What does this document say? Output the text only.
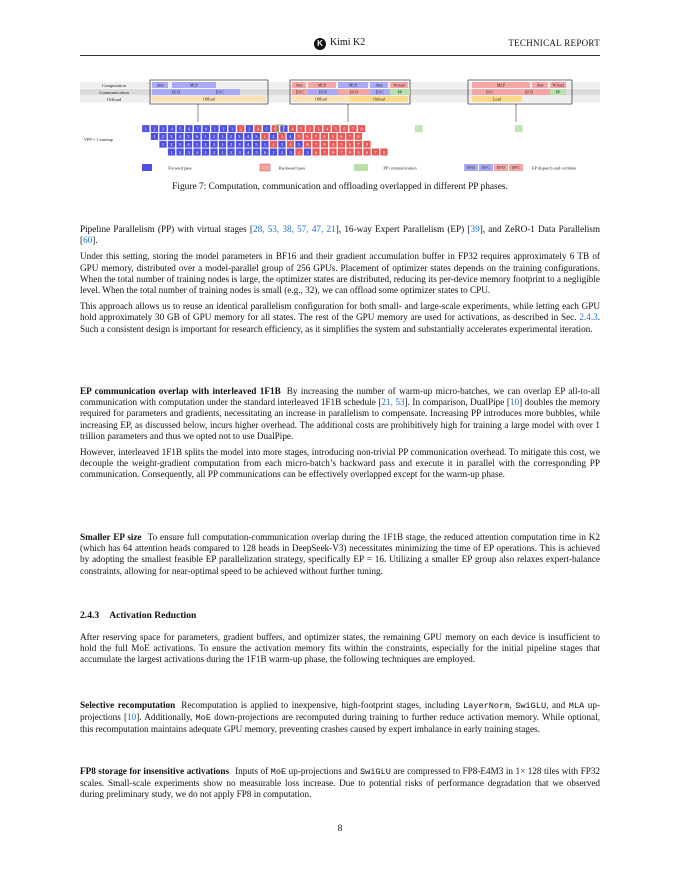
K Kimi K2	TECHNICAL REPORT
Computation
Communication
Offload
Attn	MLP
EP D	EP C
Offload
Attn	MLP	MLP	Attn	W.load
EP C	EP D	EP D	EP C	PP
Offload	Onload
MLP	Attn W.load
EP C	EP D	PP
Load
VPP = 1 warmup
1 2 3 4 5 6 7 8 1 2 1 2 3 4 5 6 7 4 5 2 3 4 5 6 7 8
1 2 3 4 5 6 1 2 1 2 3 4 5 1 2 3 4 5 6 7 8 5 6 7 8
1 2 3 4 1 2 3 1 2 3 4 5 1 2 3 4 5 6 7 8 4 5 6 7 8
1 2 3 4 1 2 1 2 3 4 5 6 1 2 3 4 5 6 7 8 7 8 5 6 7 8
Forward pass	Backward pass	PP communication	EP D EP C EP D EP C	EP dispatch and combine
Figure 7: Computation, communication and offloading overlapped in different PP phases.

Pipeline Parallelism (PP) with virtual stages [28, 53, 38, 57, 47, 21], 16-way Expert Parallelism (EP) [39], and ZeRO-1 Data Parallelism [60].

Under this setting, storing the model parameters in BF16 and their gradient accumulation buffer in FP32 requires approximately 6 TB of GPU memory, distributed over a model-parallel group of 256 GPUs. Placement of optimizer states depends on the training configurations. When the total number of training nodes is large, the optimizer states are distributed, reducing its per-device memory footprint to a negligible level. When the total number of training nodes is small (e.g., 32), we can offload some optimizer states to CPU.

This approach allows us to reuse an identical parallelism configuration for both small- and large-scale experiments, while letting each GPU hold approximately 30 GB of GPU memory for all states. The rest of the GPU memory are used for activations, as described in Sec. 2.4.3. Such a consistent design is important for research efficiency, as it simplifies the system and substantially accelerates experimental iteration.

EP communication overlap with interleaved 1F1B By increasing the number of warm-up micro-batches, we can overlap EP all-to-all communication with computation under the standard interleaved 1F1B schedule [21, 53]. In comparison, DualPipe [10] doubles the memory required for parameters and gradients, necessitating an increase in parallelism to compensate. Increasing PP introduces more bubbles, while increasing EP, as discussed below, incurs higher overhead. The additional costs are prohibitively high for training a large model with over 1 trillion parameters and thus we opted not to use DualPipe.

However, interleaved 1F1B splits the model into more stages, introducing non-trivial PP communication overhead. To mitigate this cost, we decouple the weight-gradient computation from each micro-batch’s backward pass and execute it in parallel with the corresponding PP communication. Consequently, all PP communications can be effectively overlapped except for the warm-up phase.

Smaller EP size To ensure full computation-communication overlap during the 1F1B stage, the reduced attention computation time in K2 (which has 64 attention heads compared to 128 heads in DeepSeek-V3) necessitates minimizing the time of EP operations. This is achieved by adopting the smallest feasible EP parallelization strategy, specifically EP = 16. Utilizing a smaller EP group also relaxes expert-balance constraints, allowing for near-optimal speed to be achieved without further tuning.

2.4.3 Activation Reduction

After reserving space for parameters, gradient buffers, and optimizer states, the remaining GPU memory on each device is insufficient to hold the full MoE activations. To ensure the activation memory fits within the constraints, especially for the initial pipeline stages that accumulate the largest activations during the 1F1B warm-up phase, the following techniques are employed.

Selective recomputation Recomputation is applied to inexpensive, high-footprint stages, including LayerNorm, SwiGLU, and MLA up-projections [10]. Additionally, MoE down-projections are recomputed during training to further reduce activation memory. While optional, this recomputation maintains adequate GPU memory, preventing crashes caused by expert imbalance in early training stages.

FP8 storage for insensitive activations Inputs of MoE up-projections and SwiGLU are compressed to FP8-E4M3 in 1× 128 tiles with FP32 scales. Small-scale experiments show no measurable loss increase. Due to potential risks of performance degradation that we observed during preliminary study, we do not apply FP8 in computation.

8
